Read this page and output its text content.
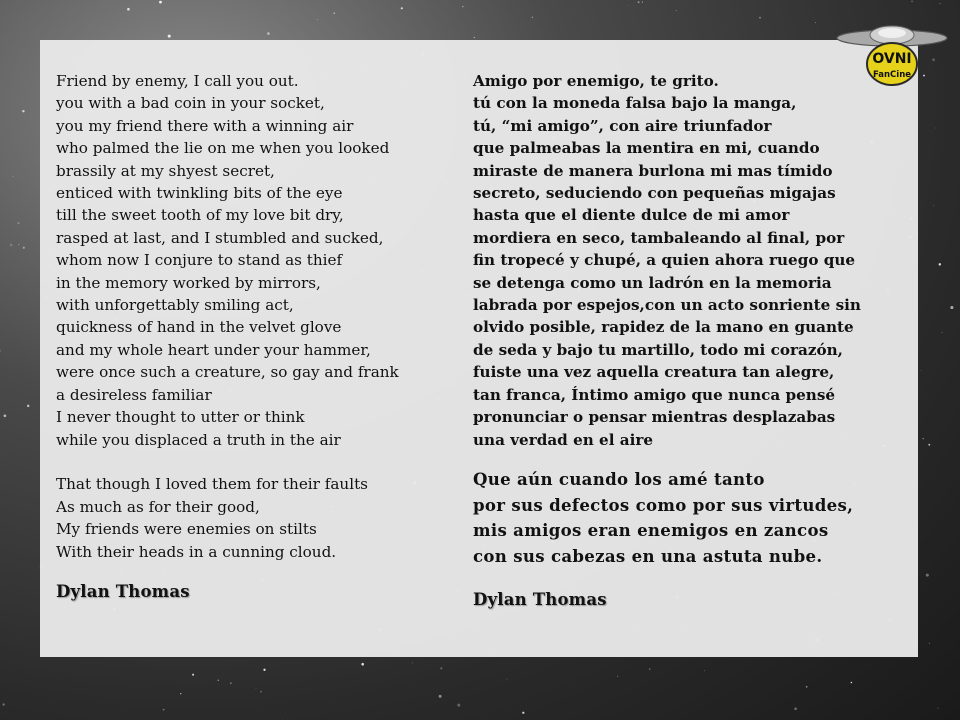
Friend by enemy, I call you out.
you with a bad coin in your socket,
you my friend there with a winning air
who palmed the lie on me when you looked
brassily at my shyest secret,
enticed with twinkling bits of the eye
till the sweet tooth of my love bit dry,
rasped at last, and I stumbled and sucked,
whom now I conjure to stand as thief
in the memory worked by mirrors,
with unforgettably smiling act,
quickness of hand in the velvet glove
and my whole heart under your hammer,
were once such a creature, so gay and frank
a desireless familiar
I never thought to utter or think
while you displaced a truth in the air
That though I loved them for their faults
As much as for their good,
My friends were enemies on stilts
With their heads in a cunning cloud.
Dylan Thomas
Amigo por enemigo, te grito.
tú con la moneda falsa bajo la manga,
tú, “mi amigo”, con aire triunfador
que palmeabas la mentira en mi, cuando
miraste de manera burlona mi mas tímido
secreto, seduciendo con pequeñas migajas
hasta que el diente dulce de mi amor
mordiera en seco, tambaleando al final, por
fin tropecé y chupé, a quien ahora ruego que
se detenga como un ladrón en la memoria
labrada por espejos,con un acto sonriente sin
olvido posible, rapidez de la mano en guante
de seda y bajo tu martillo, todo mi corazón,
fuiste una vez aquella creatura tan alegre,
tan franca, Íntimo amigo que nunca pensé
pronunciar o pensar mientras desplazabas
una verdad en el aire
Que aún cuando los amé tanto
por sus defectos como por sus virtudes,
mis amigos eran enemigos en zancos
con sus cabezas en una astuta nube.
Dylan Thomas
OVNI
FanCine
